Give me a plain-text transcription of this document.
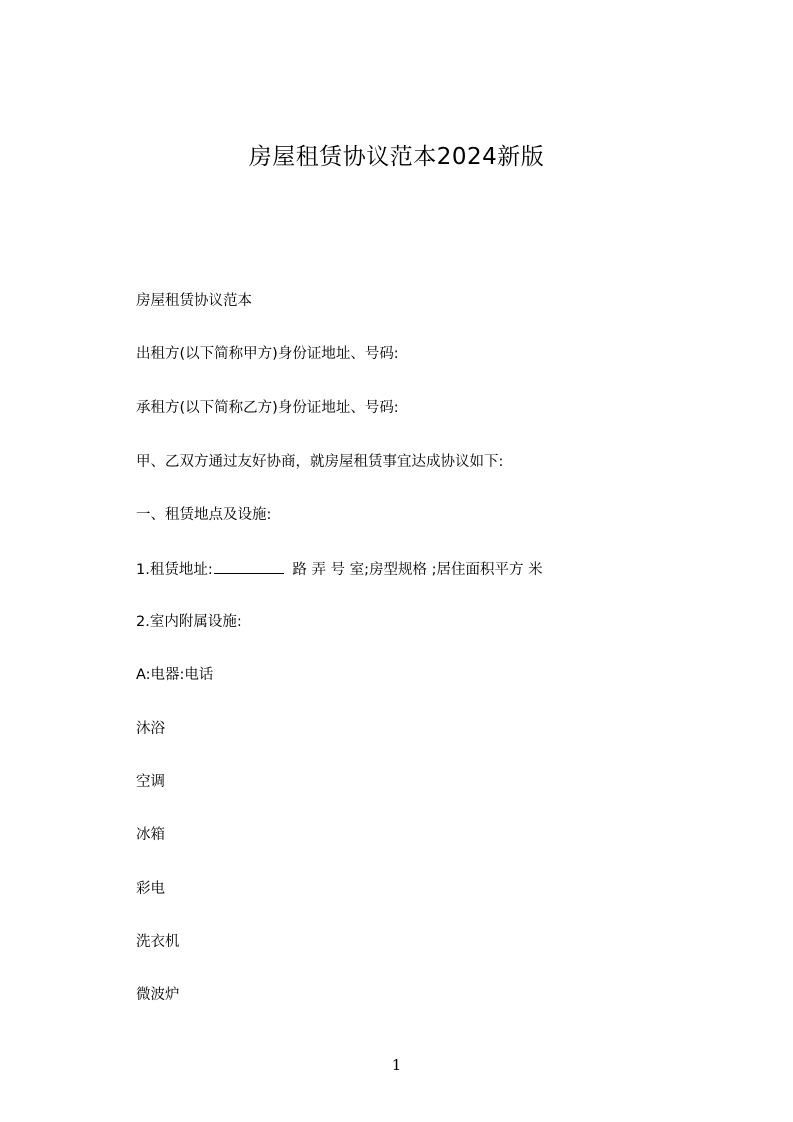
房屋租赁协议范本2024新版
房屋租赁协议范本
出租方(以下简称甲方)身份证地址、号码:
承租方(以下简称乙方)身份证地址、号码:
甲、乙双方通过友好协商，就房屋租赁事宜达成协议如下:
一、租赁地点及设施:
1.租赁地址:	路 弄 号 室;房型规格 ;居住面积平方 米
2.室内附属设施:
A:电器:电话
沐浴
空调
冰箱
彩电
洗衣机
微波炉
1
